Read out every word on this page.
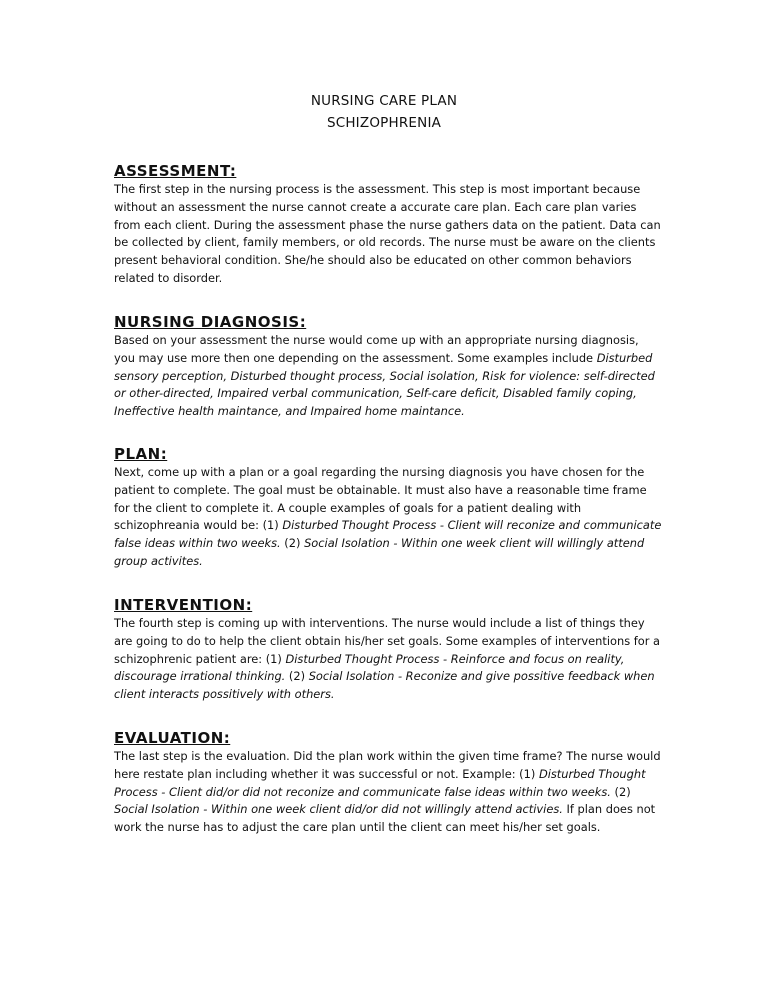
NURSING CARE PLAN
SCHIZOPHRENIA
ASSESSMENT:

The first step in the nursing process is the assessment. This step is most important because without an assessment the nurse cannot create a accurate care plan. Each care plan varies from each client. During the assessment phase the nurse gathers data on the patient. Data can be collected by client, family members, or old records. The nurse must be aware on the clients present behavioral condition. She/he should also be educated on other common behaviors related to disorder.

NURSING DIAGNOSIS:

Based on your assessment the nurse would come up with an appropriate nursing diagnosis, you may use more then one depending on the assessment. Some examples include Disturbed sensory perception, Disturbed thought process, Social isolation, Risk for violence: self-directed or other-directed, Impaired verbal communication, Self-care deficit, Disabled family coping, Ineffective health maintance, and Impaired home maintance.

PLAN:

Next, come up with a plan or a goal regarding the nursing diagnosis you have chosen for the patient to complete. The goal must be obtainable. It must also have a reasonable time frame for the client to complete it. A couple examples of goals for a patient dealing with schizophreania would be: (1) Disturbed Thought Process - Client will reconize and communicate false ideas within two weeks. (2) Social Isolation - Within one week client will willingly attend group activites.

INTERVENTION:

The fourth step is coming up with interventions. The nurse would include a list of things they are going to do to help the client obtain his/her set goals. Some examples of interventions for a schizophrenic patient are: (1) Disturbed Thought Process - Reinforce and focus on reality, discourage irrational thinking. (2) Social Isolation - Reconize and give possitive feedback when client interacts possitively with others.

EVALUATION:

The last step is the evaluation. Did the plan work within the given time frame? The nurse would here restate plan including whether it was successful or not. Example: (1) Disturbed Thought Process - Client did/or did not reconize and communicate false ideas within two weeks. (2) Social Isolation - Within one week client did/or did not willingly attend activies. If plan does not work the nurse has to adjust the care plan until the client can meet his/her set goals.
